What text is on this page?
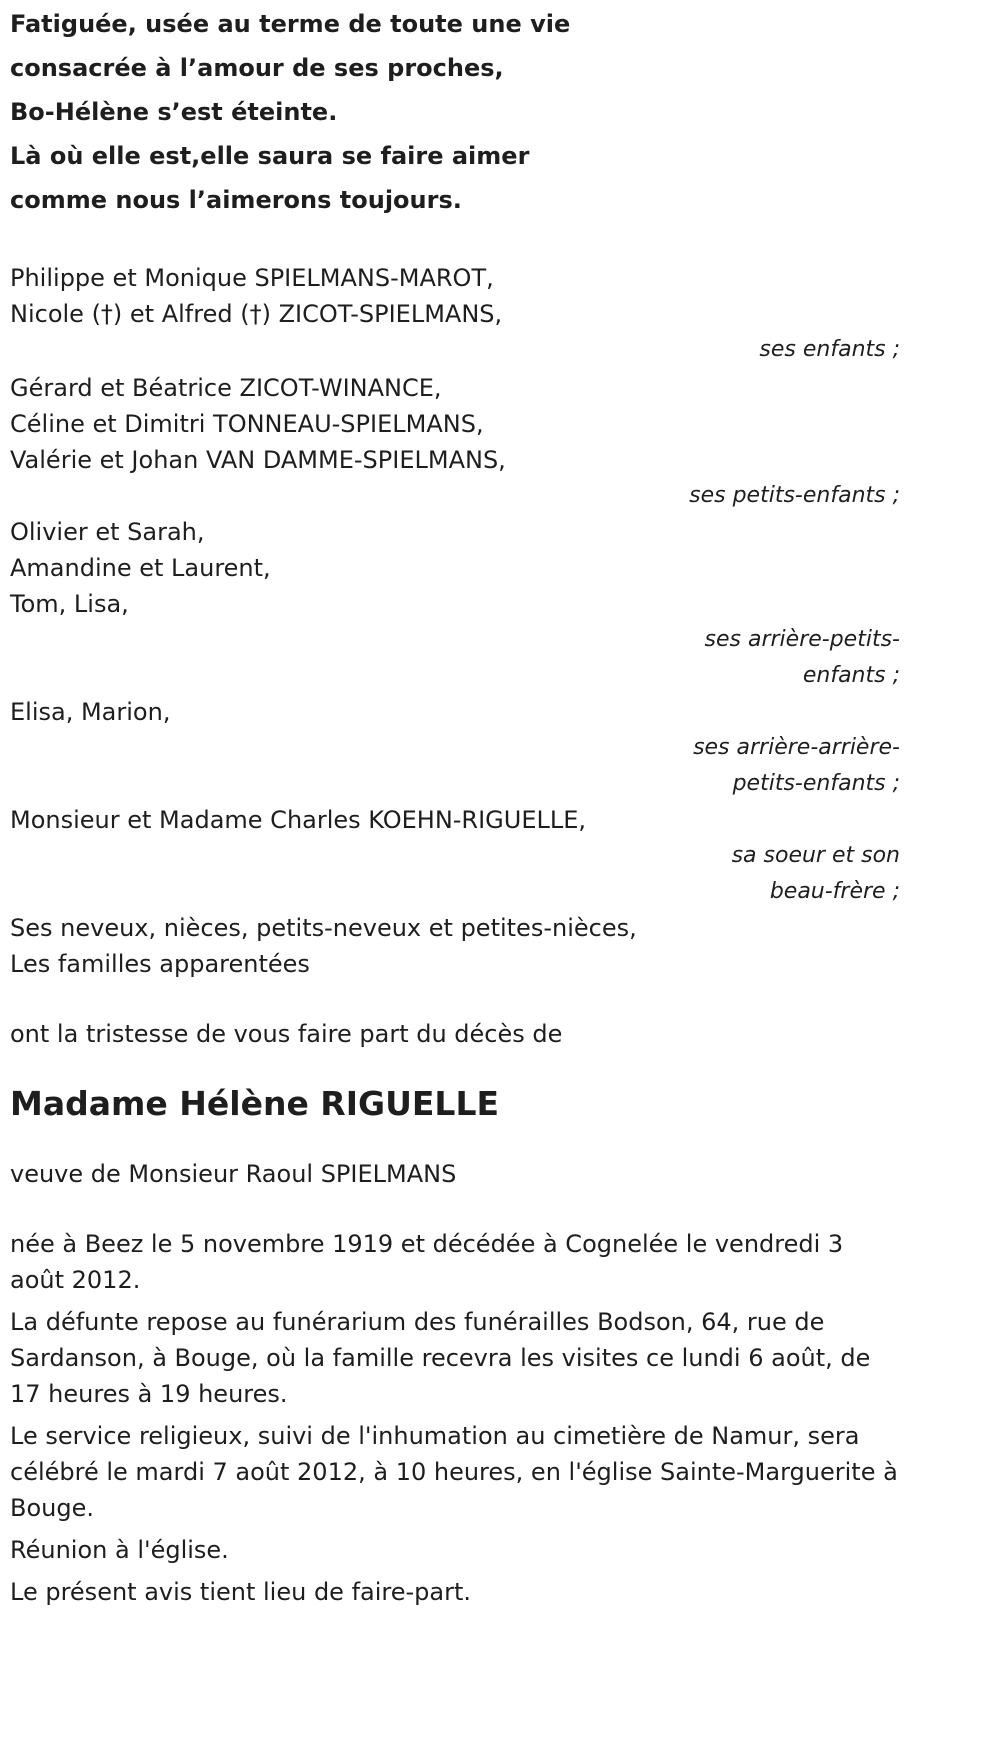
Fatiguée, usée au terme de toute une vie
consacrée à l’amour de ses proches,
Bo-Hélène s’est éteinte.
Là où elle est,elle saura se faire aimer
comme nous l’aimerons toujours.
Philippe et Monique SPIELMANS-MAROT,
Nicole (†) et Alfred (†) ZICOT-SPIELMANS,
ses enfants ;
Gérard et Béatrice ZICOT-WINANCE,
Céline et Dimitri TONNEAU-SPIELMANS,
Valérie et Johan VAN DAMME-SPIELMANS,
ses petits-enfants ;
Olivier et Sarah,
Amandine et Laurent,
Tom, Lisa,
ses arrière-petits-
enfants ;
Elisa, Marion,
ses arrière-arrière-
petits-enfants ;
Monsieur et Madame Charles KOEHN-RIGUELLE,
sa soeur et son
beau-frère ;
Ses neveux, nièces, petits-neveux et petites-nièces,
Les familles apparentées
ont la tristesse de vous faire part du décès de
Madame Hélène RIGUELLE
veuve de Monsieur Raoul SPIELMANS
née à Beez le 5 novembre 1919 et décédée à Cognelée le vendredi 3 août 2012.
La défunte repose au funérarium des funérailles Bodson, 64, rue de Sardanson, à Bouge, où la famille recevra les visites ce lundi 6 août, de 17 heures à 19 heures.
Le service religieux, suivi de l'inhumation au cimetière de Namur, sera célébré le mardi 7 août 2012, à 10 heures, en l'église Sainte-Marguerite à Bouge.
Réunion à l'église.
Le présent avis tient lieu de faire-part.
